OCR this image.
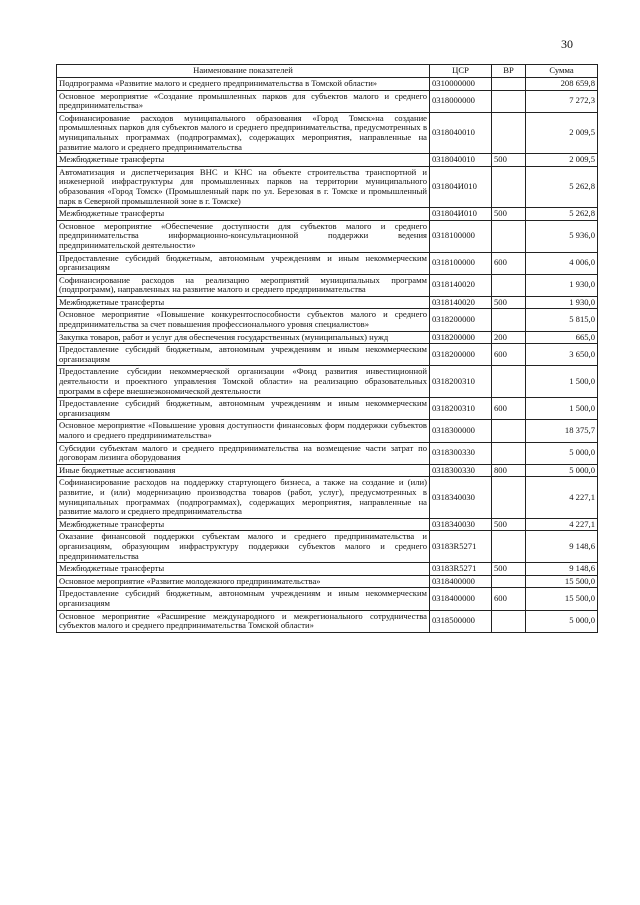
30
Наименование показателей	ЦСР	ВР	Сумма
Подпрограмма «Развитие малого и среднего предпринимательства в Томской области»	0310000000		208 659,8
Основное мероприятие «Создание промышленных парков для субъектов малого и среднего предпринимательства»	0318000000		7 272,3
Софинансирование расходов муниципального образования «Город Томск»на создание промышленных парков для субъектов малого и среднего предпринимательства, предусмотренных в муниципальных программах (подпрограммах), содержащих мероприятия, направленные на развитие малого и среднего предпринимательства	0318040010		2 009,5
Межбюджетные трансферты	0318040010	500	2 009,5
Автоматизация и диспетчеризация ВНС и КНС на объекте строительства транспортной и инженерной инфраструктуры для промышленных парков на территории муниципального образования «Город Томск» (Промышленный парк по ул. Березовая в г. Томске и промышленный парк в Северной промышленной зоне в г. Томске)	031804И010		5 262,8
Межбюджетные трансферты	031804И010	500	5 262,8
Основное мероприятие «Обеспечение доступности для субъектов малого и среднего предпринимательства информационно-консультационной поддержки ведения предпринимательской деятельности»	0318100000		5 936,0
Предоставление субсидий бюджетным, автономным учреждениям и иным некоммерческим организациям	0318100000	600	4 006,0
Софинансирование расходов на реализацию мероприятий муниципальных программ (подпрограмм), направленных на развитие малого и среднего предпринимательства	0318140020		1 930,0
Межбюджетные трансферты	0318140020	500	1 930,0
Основное мероприятие «Повышение конкурентоспособности субъектов малого и среднего предпринимательства за счет повышения профессионального уровня специалистов»	0318200000		5 815,0
Закупка товаров, работ и услуг для обеспечения государственных (муниципальных) нужд	0318200000	200	665,0
Предоставление субсидий бюджетным, автономным учреждениям и иным некоммерческим организациям	0318200000	600	3 650,0
Предоставление субсидии некоммерческой организации «Фонд развития инвестиционной деятельности и проектного управления Томской области» на реализацию образовательных программ в сфере внешнеэкономической деятельности	0318200310		1 500,0
Предоставление субсидий бюджетным, автономным учреждениям и иным некоммерческим организациям	0318200310	600	1 500,0
Основное мероприятие «Повышение уровня доступности финансовых форм поддержки субъектов малого и среднего предпринимательства»	0318300000		18 375,7
Субсидии субъектам малого и среднего предпринимательства на возмещение части затрат по договорам лизинга оборудования	0318300330		5 000,0
Иные бюджетные ассигнования	0318300330	800	5 000,0
Софинансирование расходов на поддержку стартующего бизнеса, а также на создание и (или) развитие, и (или) модернизацию производства товаров (работ, услуг), предусмотренных в муниципальных программах (подпрограммах), содержащих мероприятия, направленные на развитие малого и среднего предпринимательства	0318340030		4 227,1
Межбюджетные трансферты	0318340030	500	4 227,1
Оказание финансовой поддержки субъектам малого и среднего предпринимательства и организациям, образующим инфраструктуру поддержки субъектов малого и среднего предпринимательства	03183R5271		9 148,6
Межбюджетные трансферты	03183R5271	500	9 148,6
Основное мероприятие «Развитие молодежного предпринимательства»	0318400000		15 500,0
Предоставление субсидий бюджетным, автономным учреждениям и иным некоммерческим организациям	0318400000	600	15 500,0
Основное мероприятие «Расширение международного и межрегионального сотрудничества субъектов малого и среднего предпринимательства Томской области»	0318500000		5 000,0
